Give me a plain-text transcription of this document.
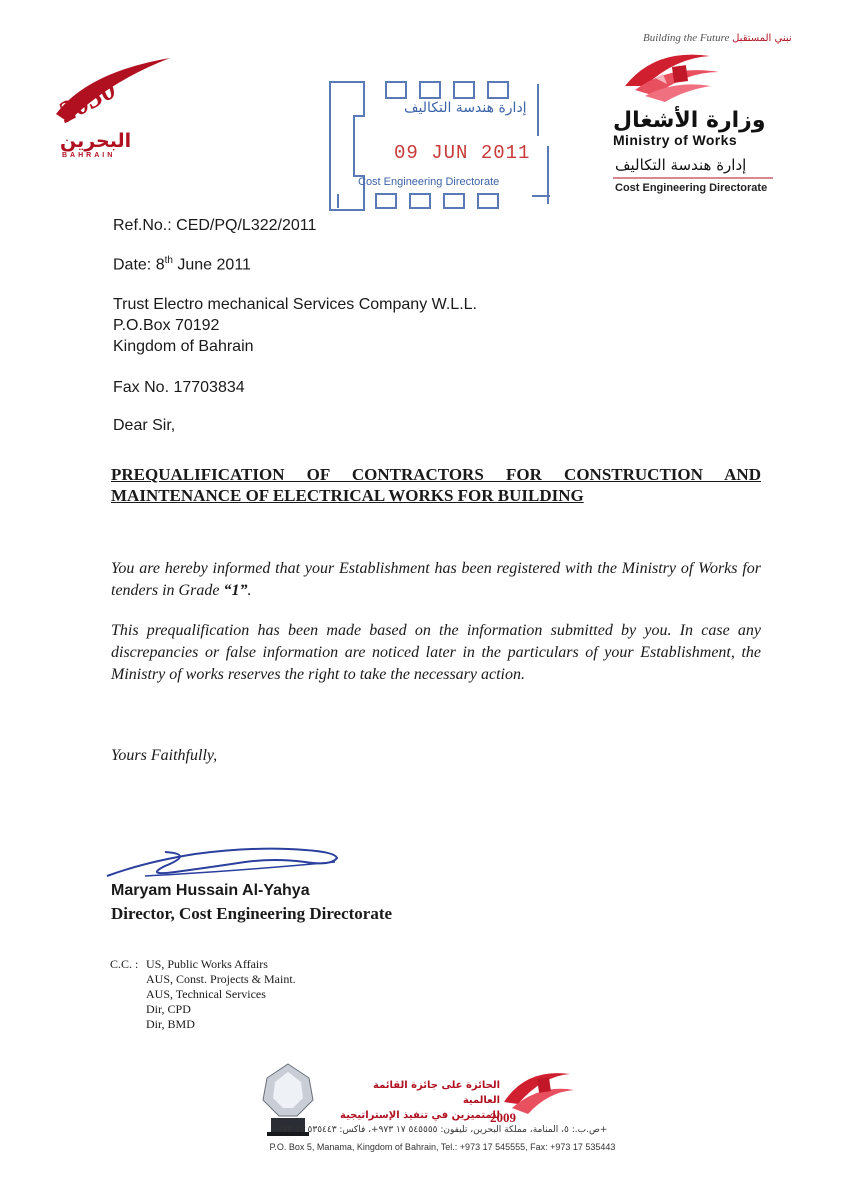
2030
البحرين
BAHRAIN
إدارة هندسة التكاليف
09 JUN 2011
Cost Engineering Directorate
Building the Future نبني المستقبل
وزارة الأشغال
Ministry of Works
إدارة هندسة التكاليف
Cost Engineering Directorate
Ref.No.: CED/PQ/L322/2011
Date: 8th June 2011
Trust Electro mechanical Services Company W.L.L.
P.O.Box 70192
Kingdom of Bahrain
Fax No. 17703834
Dear Sir,
PREQUALIFICATION OF CONTRACTORS FOR CONSTRUCTION AND MAINTENANCE OF ELECTRICAL WORKS FOR BUILDING
You are hereby informed that your Establishment has been registered with the Ministry of Works for tenders in Grade “1”.
This prequalification has been made based on the information submitted by you. In case any discrepancies or false information are noticed later in the particulars of your Establishment, the Ministry of works reserves the right to take the necessary action.
Yours Faithfully,
Maryam Hussain Al-Yahya
Director, Cost Engineering Directorate
C.C. : US, Public Works Affairs
AUS, Const. Projects & Maint.
AUS, Technical Services
Dir, CPD
Dir, BMD
الحائزة على جائزة القائمة العالمية
للمتميزين في تنفيذ الإستراتيجية
2009
ص.ب.: ٥، المنامة، مملكة البحرين، تليفون: ٥٤٥٥٥٥ ١٧ ٩٧٣+، فاكس: ٥٣٥٤٤٣ ١٧ ٩٧٣+
P.O. Box 5, Manama, Kingdom of Bahrain, Tel.: +973 17 545555, Fax: +973 17 535443
